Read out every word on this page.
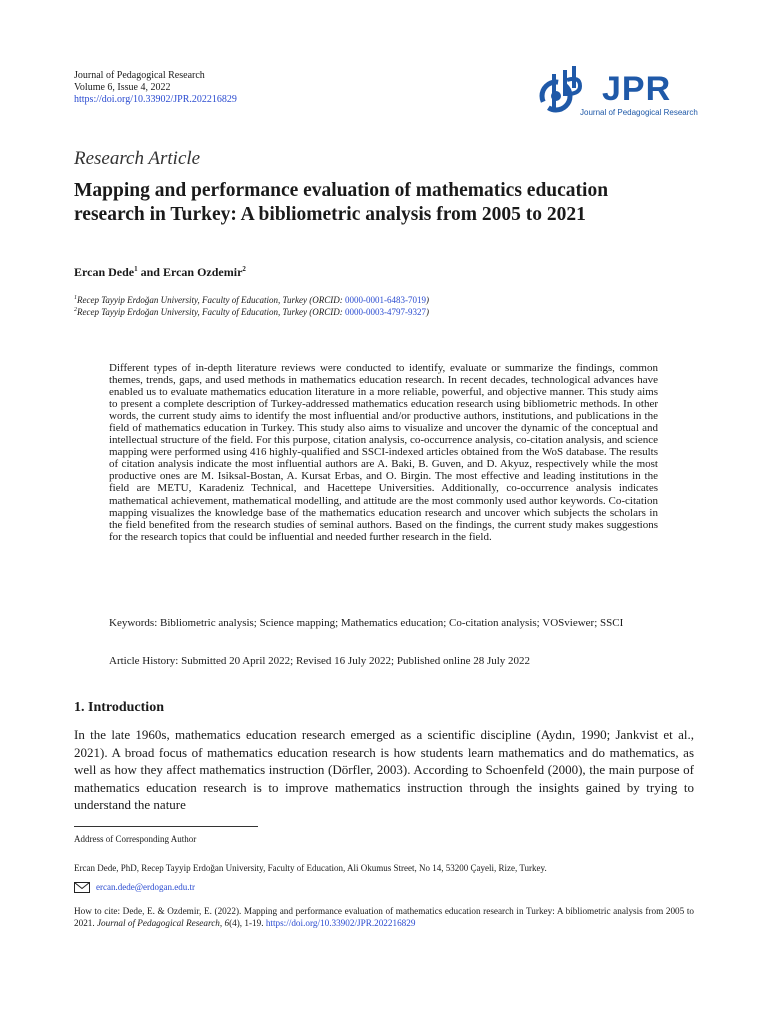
Journal of Pedagogical Research
Volume 6, Issue 4, 2022
https://doi.org/10.33902/JPR.202216829	JPR
Journal of Pedagogical Research
Research Article
Mapping and performance evaluation of mathematics education research in Turkey: A bibliometric analysis from 2005 to 2021
Ercan Dede$^1$ and Ercan Ozdemir$^2$
$^1$Recep Tayyip Erdoğan University, Faculty of Education, Turkey (ORCID: 0000-0001-6483-7019)
$^2$Recep Tayyip Erdoğan University, Faculty of Education, Turkey (ORCID: 0000-0003-4797-9327)
Different types of in-depth literature reviews were conducted to identify, evaluate or summarize the findings, common themes, trends, gaps, and used methods in mathematics education research. In recent decades, technological advances have enabled us to evaluate mathematics education literature in a more reliable, powerful, and objective manner. This study aims to present a complete description of Turkey-addressed mathematics education research using bibliometric methods. In other words, the current study aims to identify the most influential and/or productive authors, institutions, and publications in the field of mathematics education in Turkey. This study also aims to visualize and uncover the dynamic of the conceptual and intellectual structure of the field. For this purpose, citation analysis, co-occurrence analysis, co-citation analysis, and science mapping were performed using 416 highly-qualified and SSCI-indexed articles obtained from the WoS database. The results of citation analysis indicate the most influential authors are A. Baki, B. Guven, and D. Akyuz, respectively while the most productive ones are M. Isiksal-Bostan, A. Kursat Erbas, and O. Birgin. The most effective and leading institutions in the field are METU, Karadeniz Technical, and Hacettepe Universities. Additionally, co-occurrence analysis indicates mathematical achievement, mathematical modelling, and attitude are the most commonly used author keywords. Co-citation mapping visualizes the knowledge base of the mathematics education research and uncover which subjects the scholars in the field benefited from the research studies of seminal authors. Based on the findings, the current study makes suggestions for the research topics that could be influential and needed further research in the field.
Keywords: Bibliometric analysis; Science mapping; Mathematics education; Co-citation analysis; VOSviewer; SSCI
Article History: Submitted 20 April 2022; Revised 16 July 2022; Published online 28 July 2022
1. Introduction
In the late 1960s, mathematics education research emerged as a scientific discipline (Aydın, 1990; Jankvist et al., 2021). A broad focus of mathematics education research is how students learn mathematics and do mathematics, as well as how they affect mathematics instruction (Dörfler, 2003). According to Schoenfeld (2000), the main purpose of mathematics education research is to improve mathematics instruction through the insights gained by trying to understand the nature
Address of Corresponding Author
Ercan Dede, PhD, Recep Tayyip Erdoğan University, Faculty of Education, Ali Okumus Street, No 14, 53200 Çayeli, Rize, Turkey.
ercan.dede@erdogan.edu.tr
How to cite: Dede, E. & Ozdemir, E. (2022). Mapping and performance evaluation of mathematics education research in Turkey: A bibliometric analysis from 2005 to 2021. Journal of Pedagogical Research, 6(4), 1-19. https://doi.org/10.33902/JPR.202216829
